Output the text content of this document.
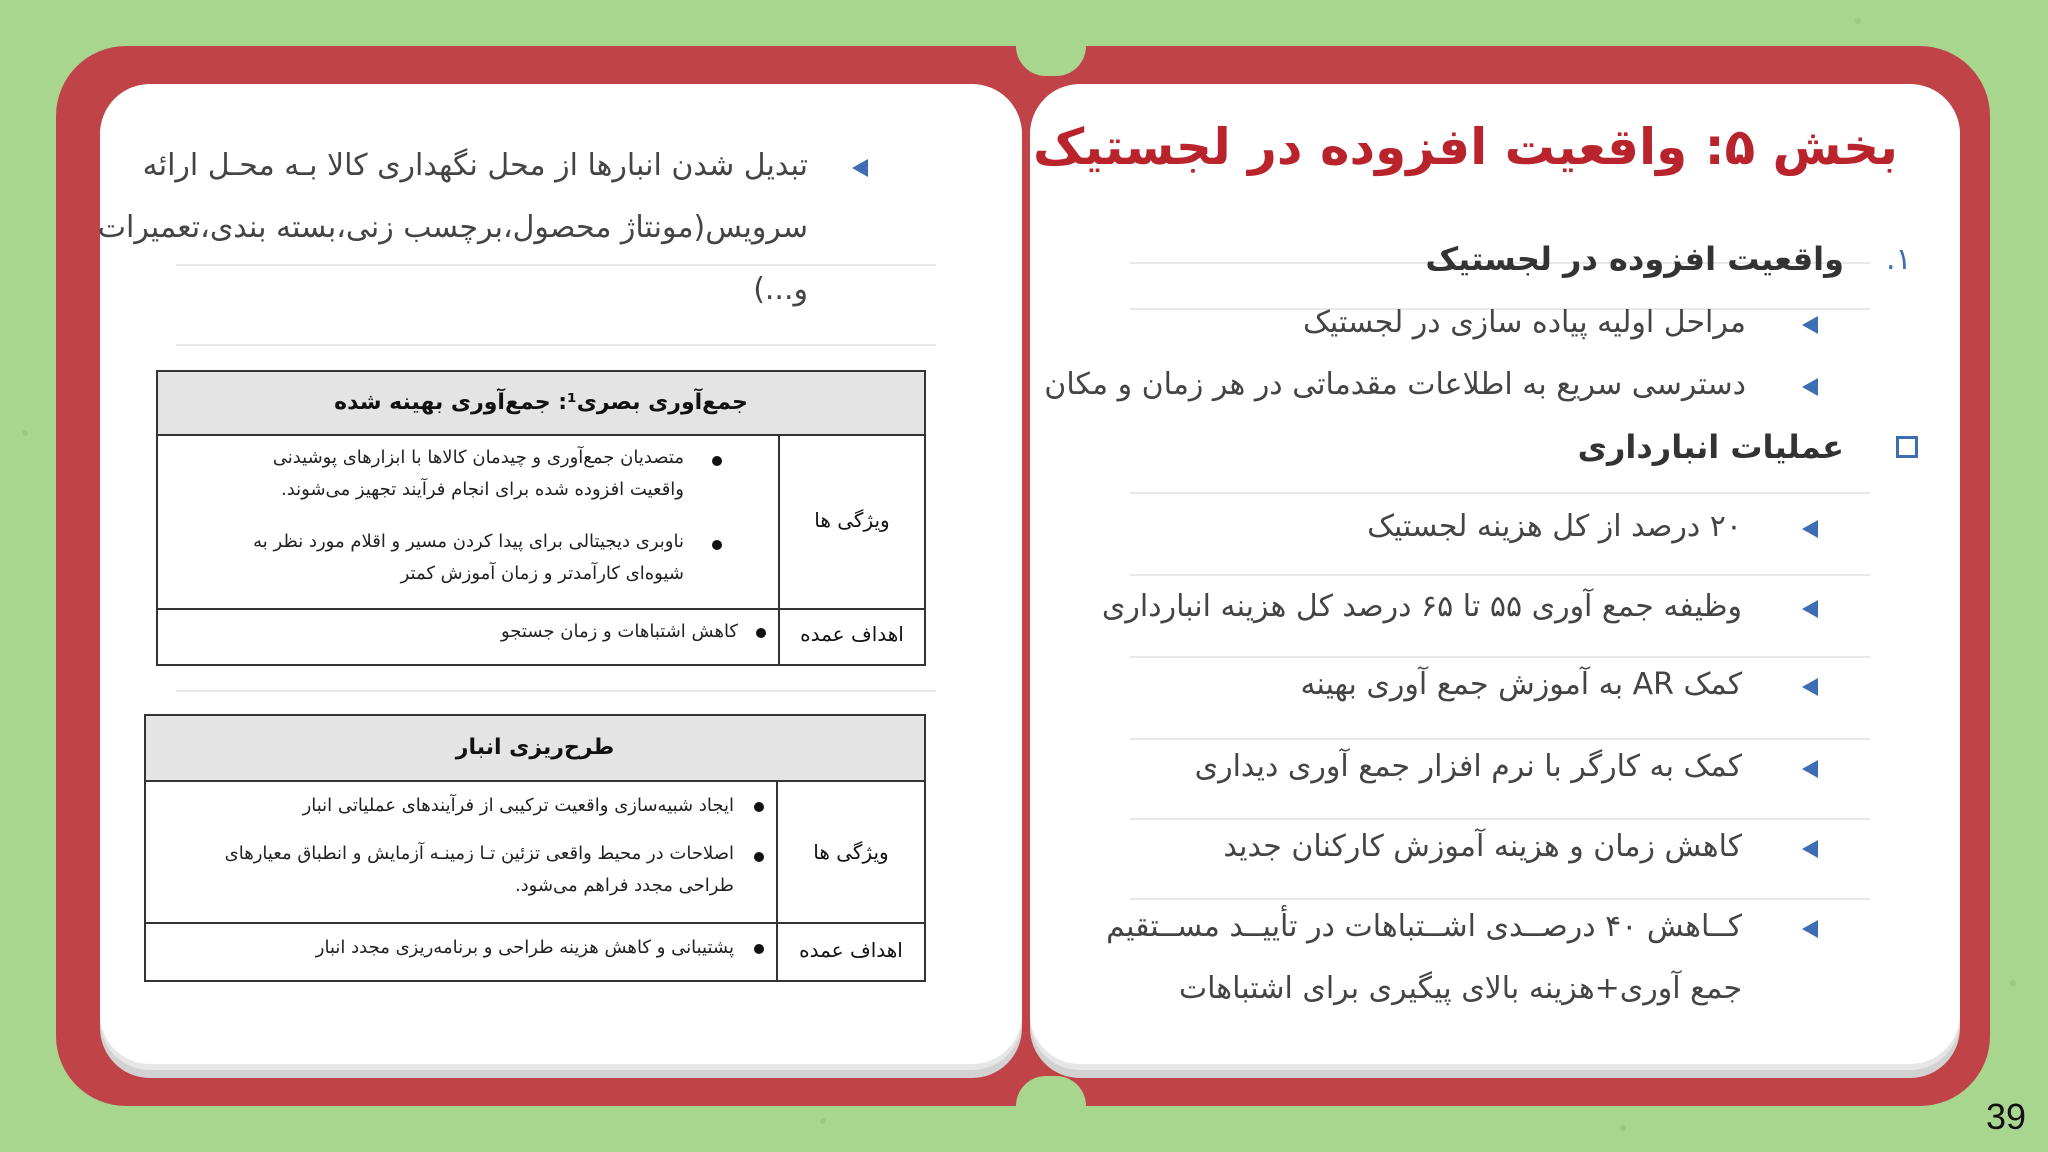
تبدیل شدن انبارها از محل نگهداری کالا بـه محـل ارائه
سرویس(مونتاژ محصول،برچسب زنی،بسته بندی،تعمیرات
و...)
جمع‌آوری بصری¹: جمع‌آوری بهینه شده
ویژگی ها
اهداف عمده
متصدیان جمع‌آوری و چیدمان کالاها با ابزارهای پوشیدنی
واقعیت افزوده شده برای انجام فرآیند تجهیز می‌شوند.
ناوبری دیجیتالی برای پیدا کردن مسیر و اقلام مورد نظر به
شیوه‌ای کارآمدتر و زمان آموزش کمتر
کاهش اشتباهات و زمان جستجو
طرح‌ریزی انبار
ویژگی ها
اهداف عمده
ایجاد شبیه‌سازی واقعیت ترکیبی از فرآیندهای عملیاتی انبار
اصلاحات در محیط واقعی تزئین تـا زمینـه آزمایش و انطباق معیارهای
طراحی مجدد فراهم می‌شود.
پشتیبانی و کاهش هزینه طراحی و برنامه‌ریزی مجدد انبار
بخش ۵: واقعیت افزوده در لجستیک
۱.
واقعیت افزوده در لجستیک
مراحل اولیه پیاده سازی در لجستیک
دسترسی سریع به اطلاعات مقدماتی در هر زمان و مکان
عملیات انبارداری
۲۰ درصد از کل هزینه لجستیک
وظیفه جمع آوری ۵۵ تا ۶۵ درصد کل هزینه انبارداری
کمک AR به آموزش جمع آوری بهینه
کمک به کارگر با نرم افزار جمع آوری دیداری
کاهش زمان و هزینه آموزش کارکنان جدید
کــاهش ۴۰ درصــدی اشــتباهات در تأییــد مســتقیم
جمع آوری+هزینه بالای پیگیری برای اشتباهات
39
